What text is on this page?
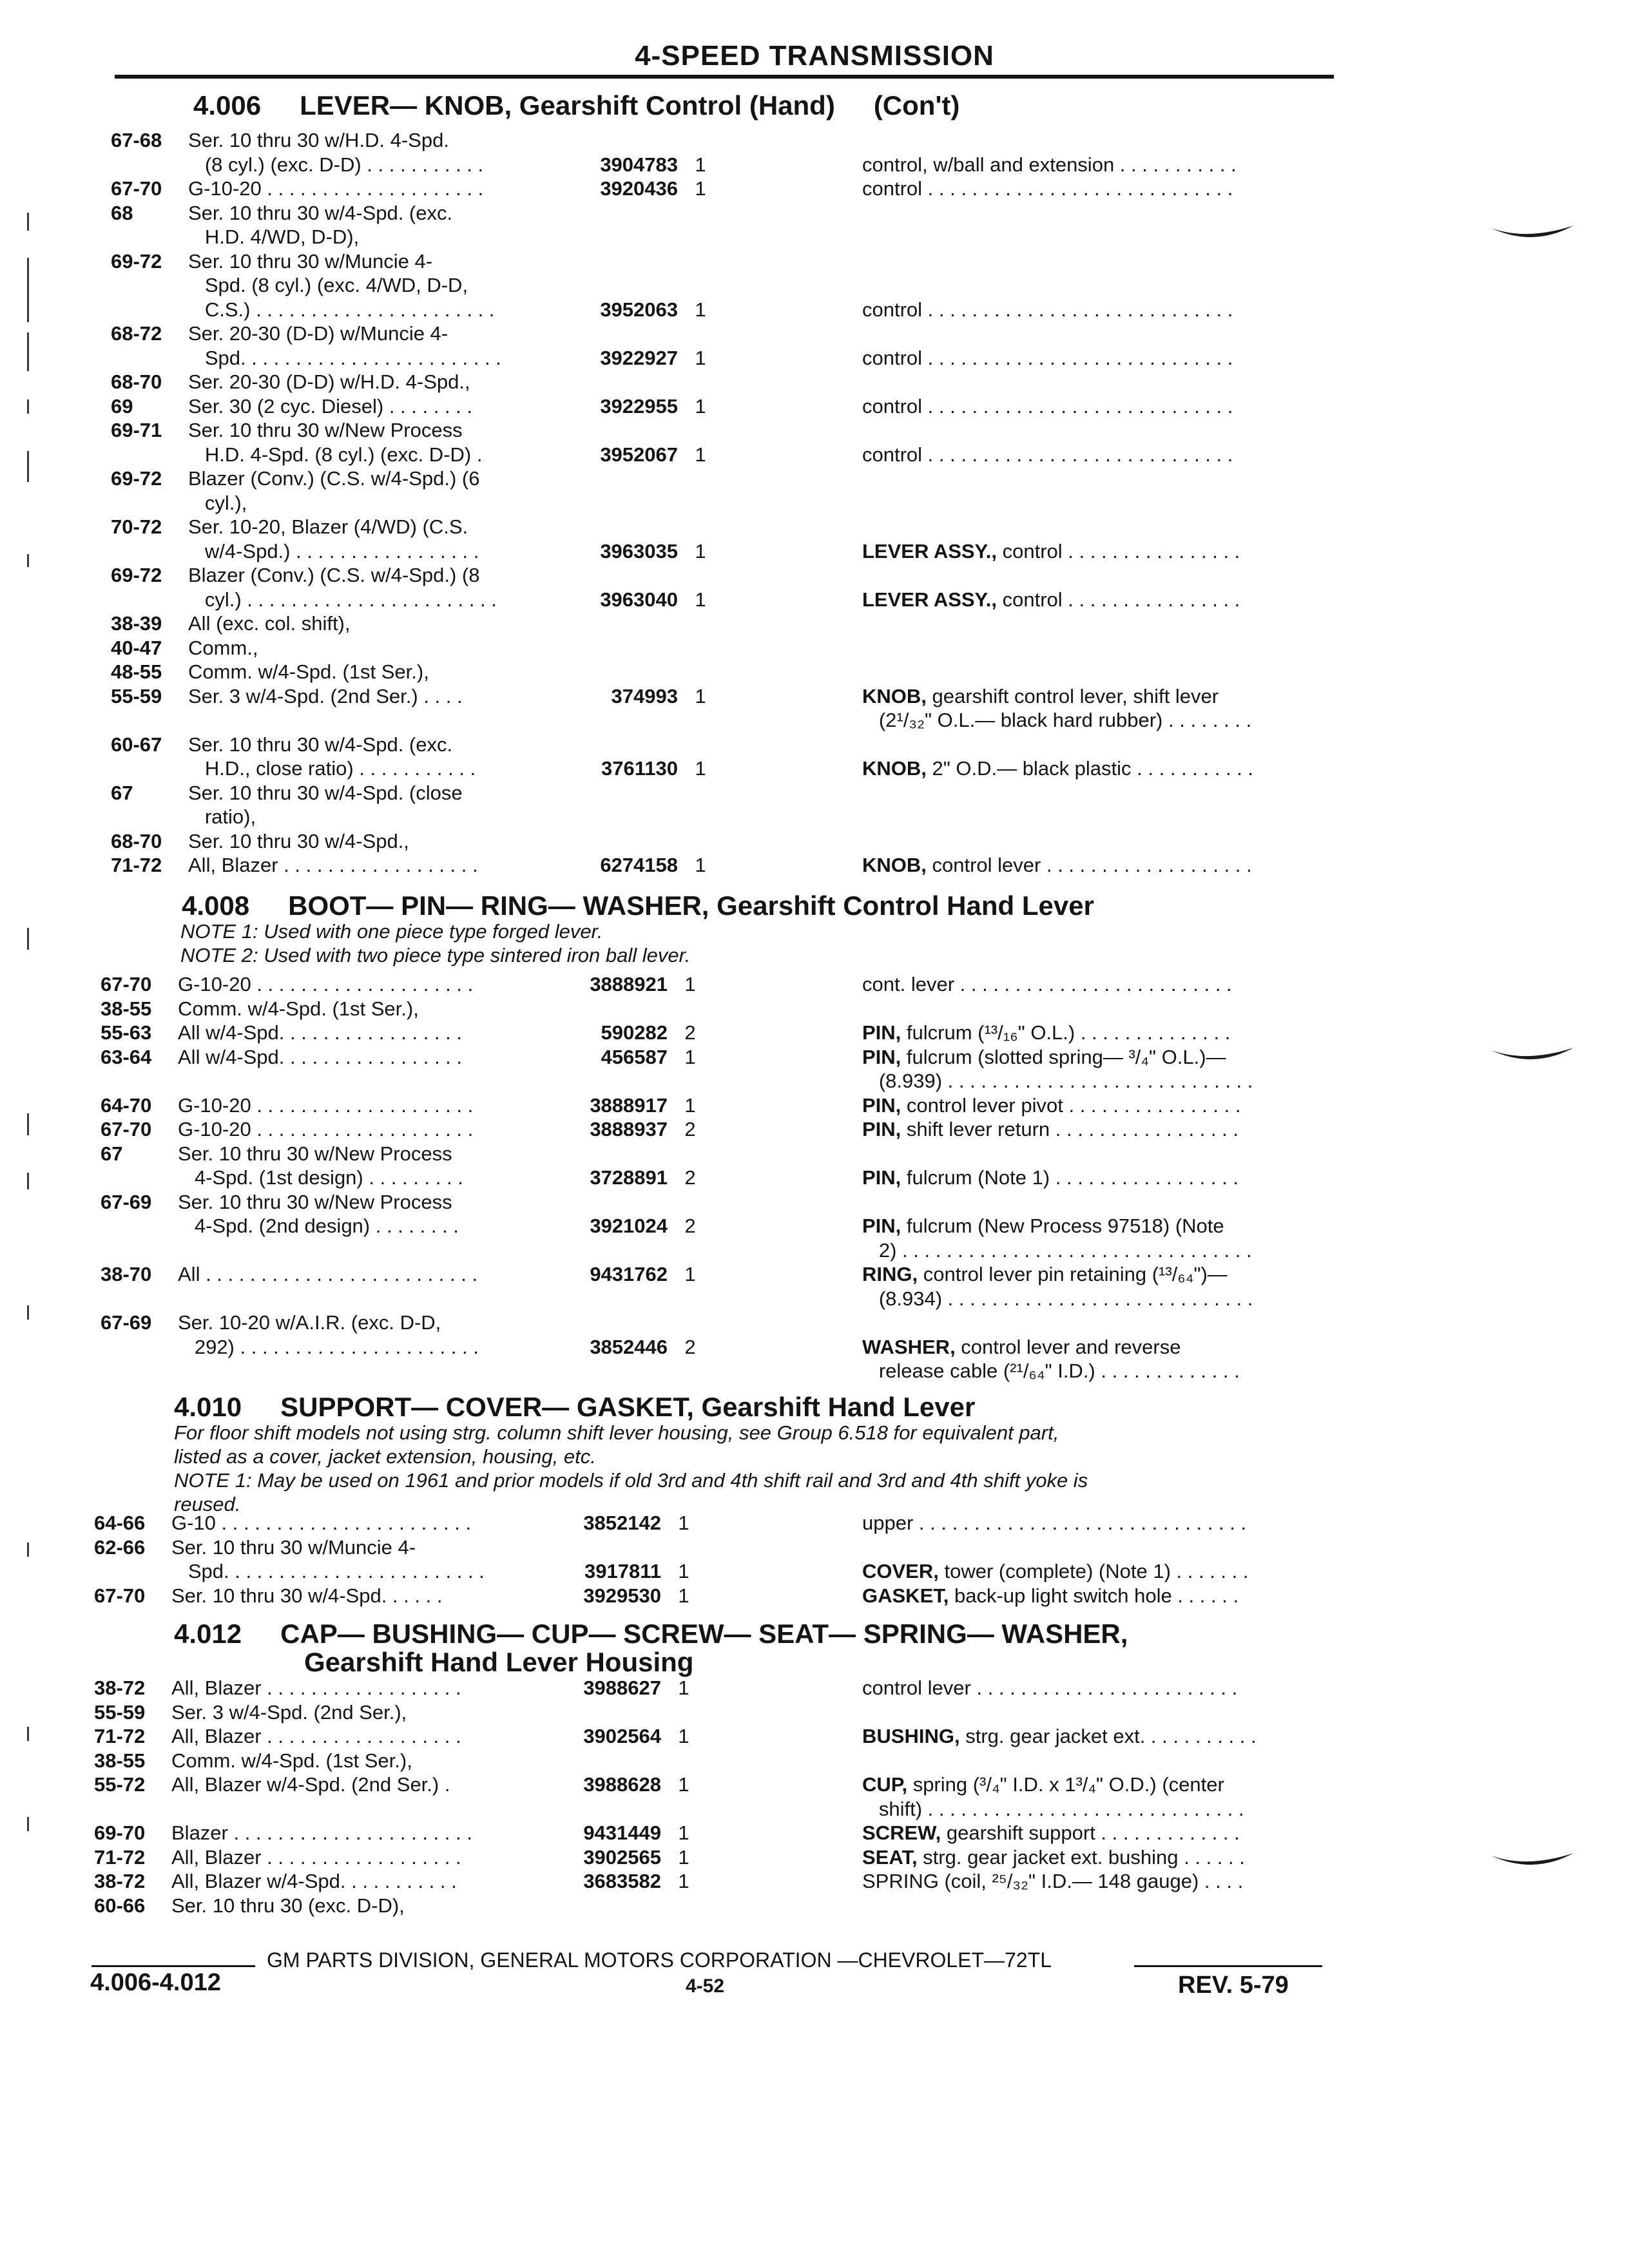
4-SPEED TRANSMISSION
4.006 LEVER— KNOB, Gearshift Control (Hand) (Con't)
67-68 Ser. 10 thru 30 w/H.D. 4-Spd.
(8 cyl.) (exc. D-D) . . . . . . . . . . .	3904783 1	control, w/ball and extension . . . . . . . . . . .
67-70 G-10-20 . . . . . . . . . . . . . . . . . . . .	3920436 1	control . . . . . . . . . . . . . . . . . . . . . . . . . . . .
68	Ser. 10 thru 30 w/4-Spd. (exc.
H.D. 4/WD, D-D),
69-72 Ser. 10 thru 30 w/Muncie 4-
Spd. (8 cyl.) (exc. 4/WD, D-D,
C.S.) . . . . . . . . . . . . . . . . . . . . . .	3952063 1	control . . . . . . . . . . . . . . . . . . . . . . . . . . . .
68-72 Ser. 20-30 (D-D) w/Muncie 4-
Spd. . . . . . . . . . . . . . . . . . . . . . . .	3922927 1	control . . . . . . . . . . . . . . . . . . . . . . . . . . . .
68-70 Ser. 20-30 (D-D) w/H.D. 4-Spd.,
69	Ser. 30 (2 cyc. Diesel) . . . . . . . .	3922955 1	control . . . . . . . . . . . . . . . . . . . . . . . . . . . .
69-71 Ser. 10 thru 30 w/New Process
H.D. 4-Spd. (8 cyl.) (exc. D-D) .	3952067 1	control . . . . . . . . . . . . . . . . . . . . . . . . . . . .
69-72 Blazer (Conv.) (C.S. w/4-Spd.) (6
cyl.),
70-72 Ser. 10-20, Blazer (4/WD) (C.S.
w/4-Spd.) . . . . . . . . . . . . . . . . .	3963035 1	LEVER ASSY., control . . . . . . . . . . . . . . . .
69-72 Blazer (Conv.) (C.S. w/4-Spd.) (8
cyl.) . . . . . . . . . . . . . . . . . . . . . . .	3963040 1	LEVER ASSY., control . . . . . . . . . . . . . . . .
38-39 All (exc. col. shift),
40-47 Comm.,
48-55 Comm. w/4-Spd. (1st Ser.),
55-59 Ser. 3 w/4-Spd. (2nd Ser.) . . . .	374993 1	KNOB, gearshift control lever, shift lever
(2¹/₃₂" O.L.— black hard rubber) . . . . . . . .
60-67 Ser. 10 thru 30 w/4-Spd. (exc.
H.D., close ratio) . . . . . . . . . . .	3761130 1	KNOB, 2" O.D.— black plastic . . . . . . . . . . .
67	Ser. 10 thru 30 w/4-Spd. (close
ratio),
68-70 Ser. 10 thru 30 w/4-Spd.,
71-72 All, Blazer . . . . . . . . . . . . . . . . . .	6274158 1	KNOB, control lever . . . . . . . . . . . . . . . . . . .
4.008 BOOT— PIN— RING— WASHER, Gearshift Control Hand Lever
NOTE 1: Used with one piece type forged lever.
NOTE 2: Used with two piece type sintered iron ball lever.
67-70 G-10-20 . . . . . . . . . . . . . . . . . . . .	3888921 1	cont. lever . . . . . . . . . . . . . . . . . . . . . . . . .
38-55 Comm. w/4-Spd. (1st Ser.),
55-63 All w/4-Spd. . . . . . . . . . . . . . . . .	590282 2	PIN, fulcrum (¹³/₁₆" O.L.) . . . . . . . . . . . . . .
63-64 All w/4-Spd. . . . . . . . . . . . . . . . .	456587 1	PIN, fulcrum (slotted spring— ³/₄" O.L.)—
(8.939) . . . . . . . . . . . . . . . . . . . . . . . . . . . .
64-70 G-10-20 . . . . . . . . . . . . . . . . . . . .	3888917 1	PIN, control lever pivot . . . . . . . . . . . . . . . .
67-70 G-10-20 . . . . . . . . . . . . . . . . . . . .	3888937 2	PIN, shift lever return . . . . . . . . . . . . . . . . .
67	Ser. 10 thru 30 w/New Process
4-Spd. (1st design) . . . . . . . . .	3728891 2	PIN, fulcrum (Note 1) . . . . . . . . . . . . . . . . .
67-69 Ser. 10 thru 30 w/New Process
4-Spd. (2nd design) . . . . . . . .	3921024 2	PIN, fulcrum (New Process 97518) (Note
2) . . . . . . . . . . . . . . . . . . . . . . . . . . . . . . . .
38-70 All . . . . . . . . . . . . . . . . . . . . . . . . .	9431762 1	RING, control lever pin retaining (¹³/₆₄")—
(8.934) . . . . . . . . . . . . . . . . . . . . . . . . . . . .
67-69 Ser. 10-20 w/A.I.R. (exc. D-D,
292) . . . . . . . . . . . . . . . . . . . . . .	3852446 2	WASHER, control lever and reverse
release cable (²¹/₆₄" I.D.) . . . . . . . . . . . . .
4.010 SUPPORT— COVER— GASKET, Gearshift Hand Lever
For floor shift models not using strg. column shift lever housing, see Group 6.518 for equivalent part,
listed as a cover, jacket extension, housing, etc.
NOTE 1: May be used on 1961 and prior models if old 3rd and 4th shift rail and 3rd and 4th shift yoke is
reused.
64-66 G-10 . . . . . . . . . . . . . . . . . . . . . . .	3852142 1	upper . . . . . . . . . . . . . . . . . . . . . . . . . . . . . .
62-66 Ser. 10 thru 30 w/Muncie 4-
Spd. . . . . . . . . . . . . . . . . . . . . . . .	3917811 1	COVER, tower (complete) (Note 1) . . . . . . .
67-70 Ser. 10 thru 30 w/4-Spd. . . . . .	3929530 1	GASKET, back-up light switch hole . . . . . .
4.012 CAP— BUSHING— CUP— SCREW— SEAT— SPRING— WASHER,
Gearshift Hand Lever Housing
38-72 All, Blazer . . . . . . . . . . . . . . . . . .	3988627 1	control lever . . . . . . . . . . . . . . . . . . . . . . . .
55-59 Ser. 3 w/4-Spd. (2nd Ser.),
71-72 All, Blazer . . . . . . . . . . . . . . . . . .	3902564 1	BUSHING, strg. gear jacket ext. . . . . . . . . . .
38-55 Comm. w/4-Spd. (1st Ser.),
55-72 All, Blazer w/4-Spd. (2nd Ser.) .	3988628 1	CUP, spring (³/₄" I.D. x 1³/₄" O.D.) (center
shift) . . . . . . . . . . . . . . . . . . . . . . . . . . . . .
69-70 Blazer . . . . . . . . . . . . . . . . . . . . . .	9431449 1	SCREW, gearshift support . . . . . . . . . . . . .
71-72 All, Blazer . . . . . . . . . . . . . . . . . .	3902565 1	SEAT, strg. gear jacket ext. bushing . . . . . .
38-72 All, Blazer w/4-Spd. . . . . . . . . . .	3683582 1	SPRING (coil, ²⁵/₃₂" I.D.— 148 gauge) . . . .
60-66 Ser. 10 thru 30 (exc. D-D),
GM PARTS DIVISION, GENERAL MOTORS CORPORATION —CHEVROLET—72TL
4.006-4.012	4-52	REV. 5-79
